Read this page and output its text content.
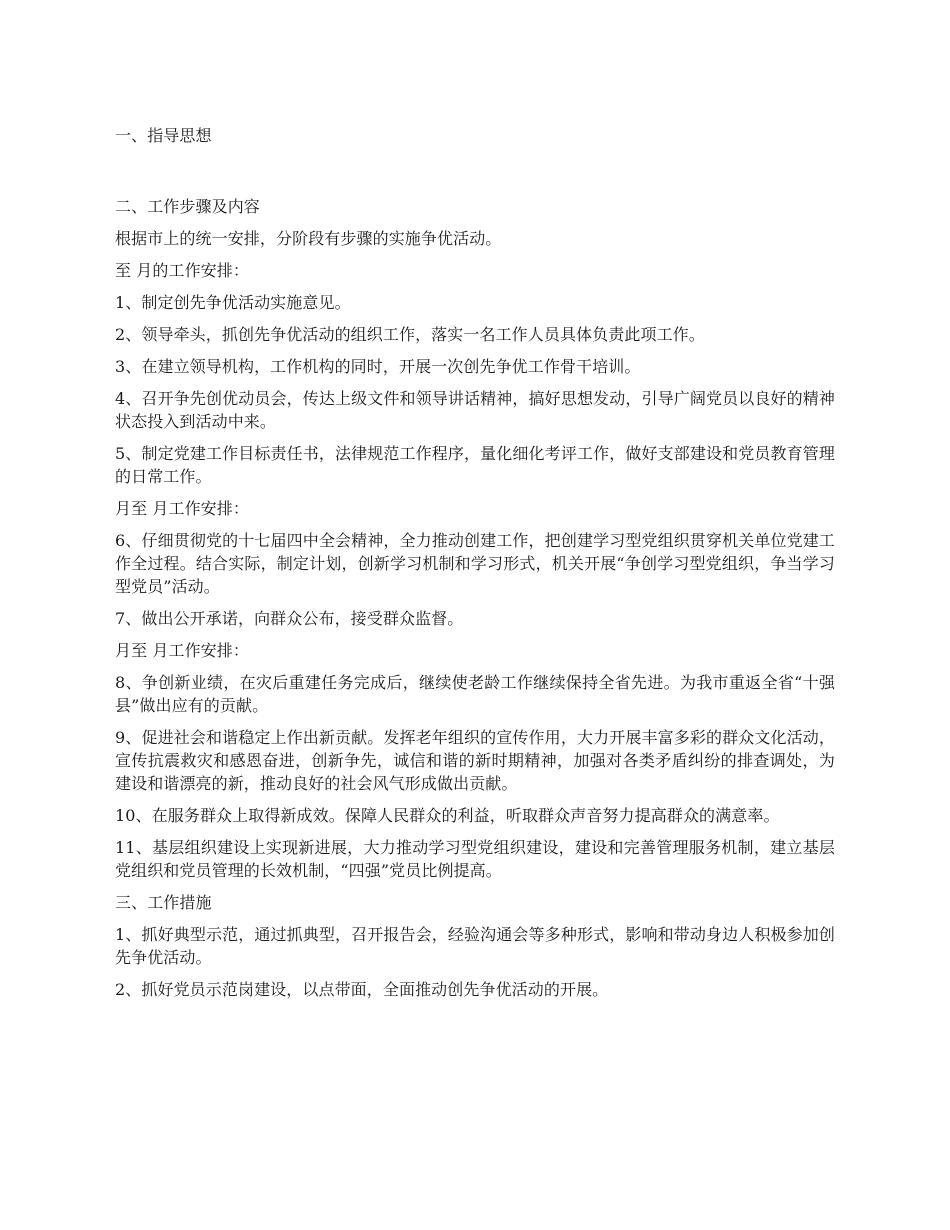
一、指导思想

二、工作步骤及内容

根据市上的统一安排，分阶段有步骤的实施争优活动。

至 月的工作安排：

1、制定创先争优活动实施意见。

2、领导牵头，抓创先争优活动的组织工作，落实一名工作人员具体负责此项工作。

3、在建立领导机构，工作机构的同时，开展一次创先争优工作骨干培训。

4、召开争先创优动员会，传达上级文件和领导讲话精神，搞好思想发动，引导广阔党员以良好的精神状态投入到活动中来。

5、制定党建工作目标责任书，法律规范工作程序，量化细化考评工作，做好支部建设和党员教育管理的日常工作。

月至 月工作安排：

6、仔细贯彻党的十七届四中全会精神，全力推动创建工作，把创建学习型党组织贯穿机关单位党建工作全过程。结合实际，制定计划，创新学习机制和学习形式，机关开展“争创学习型党组织，争当学习型党员”活动。

7、做出公开承诺，向群众公布，接受群众监督。

月至 月工作安排：

8、争创新业绩，在灾后重建任务完成后，继续使老龄工作继续保持全省先进。为我市重返全省“十强县”做出应有的贡献。

9、促进社会和谐稳定上作出新贡献。发挥老年组织的宣传作用，大力开展丰富多彩的群众文化活动，宣传抗震救灾和感恩奋进，创新争先，诚信和谐的新时期精神，加强对各类矛盾纠纷的排查调处，为建设和谐漂亮的新，推动良好的社会风气形成做出贡献。

10、在服务群众上取得新成效。保障人民群众的利益，听取群众声音努力提高群众的满意率。

11、基层组织建设上实现新进展，大力推动学习型党组织建设，建设和完善管理服务机制，建立基层党组织和党员管理的长效机制，“四强”党员比例提高。

三、工作措施

1、抓好典型示范，通过抓典型，召开报告会，经验沟通会等多种形式，影响和带动身边人积极参加创先争优活动。

2、抓好党员示范岗建设，以点带面，全面推动创先争优活动的开展。
